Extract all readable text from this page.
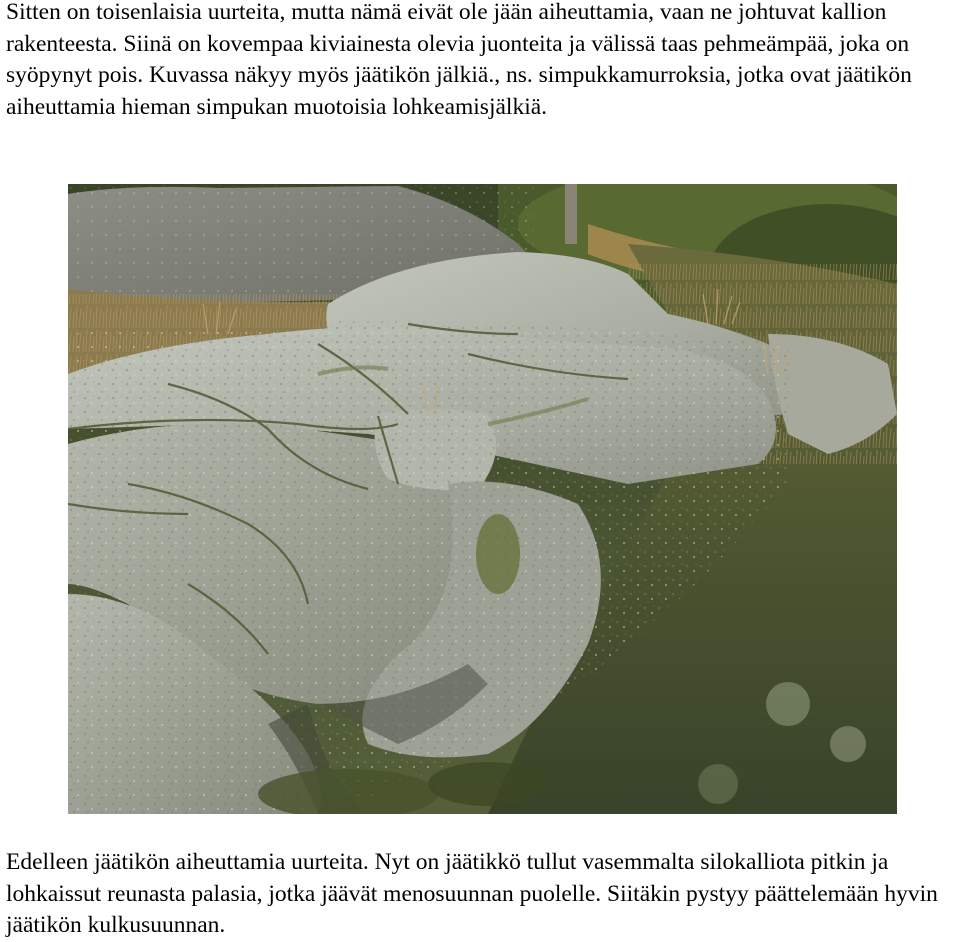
Sitten on toisenlaisia uurteita, mutta nämä eivät ole jään aiheuttamia, vaan ne johtuvat kallion rakenteesta. Siinä on kovempaa kiviainesta olevia juonteita ja välissä taas pehmeämpää, joka on syöpynyt pois. Kuvassa näkyy myös jäätikön jälkiä., ns. simpukkamurroksia, jotka ovat jäätikön aiheuttamia hieman simpukan muotoisia lohkeamisjälkiä.

Edelleen jäätikön aiheuttamia uurteita. Nyt on jäätikkö tullut vasemmalta silokalliota pitkin ja lohkaissut reunasta palasia, jotka jäävät menosuunnan puolelle. Siitäkin pystyy päättelemään hyvin jäätikön kulkusuunnan.
